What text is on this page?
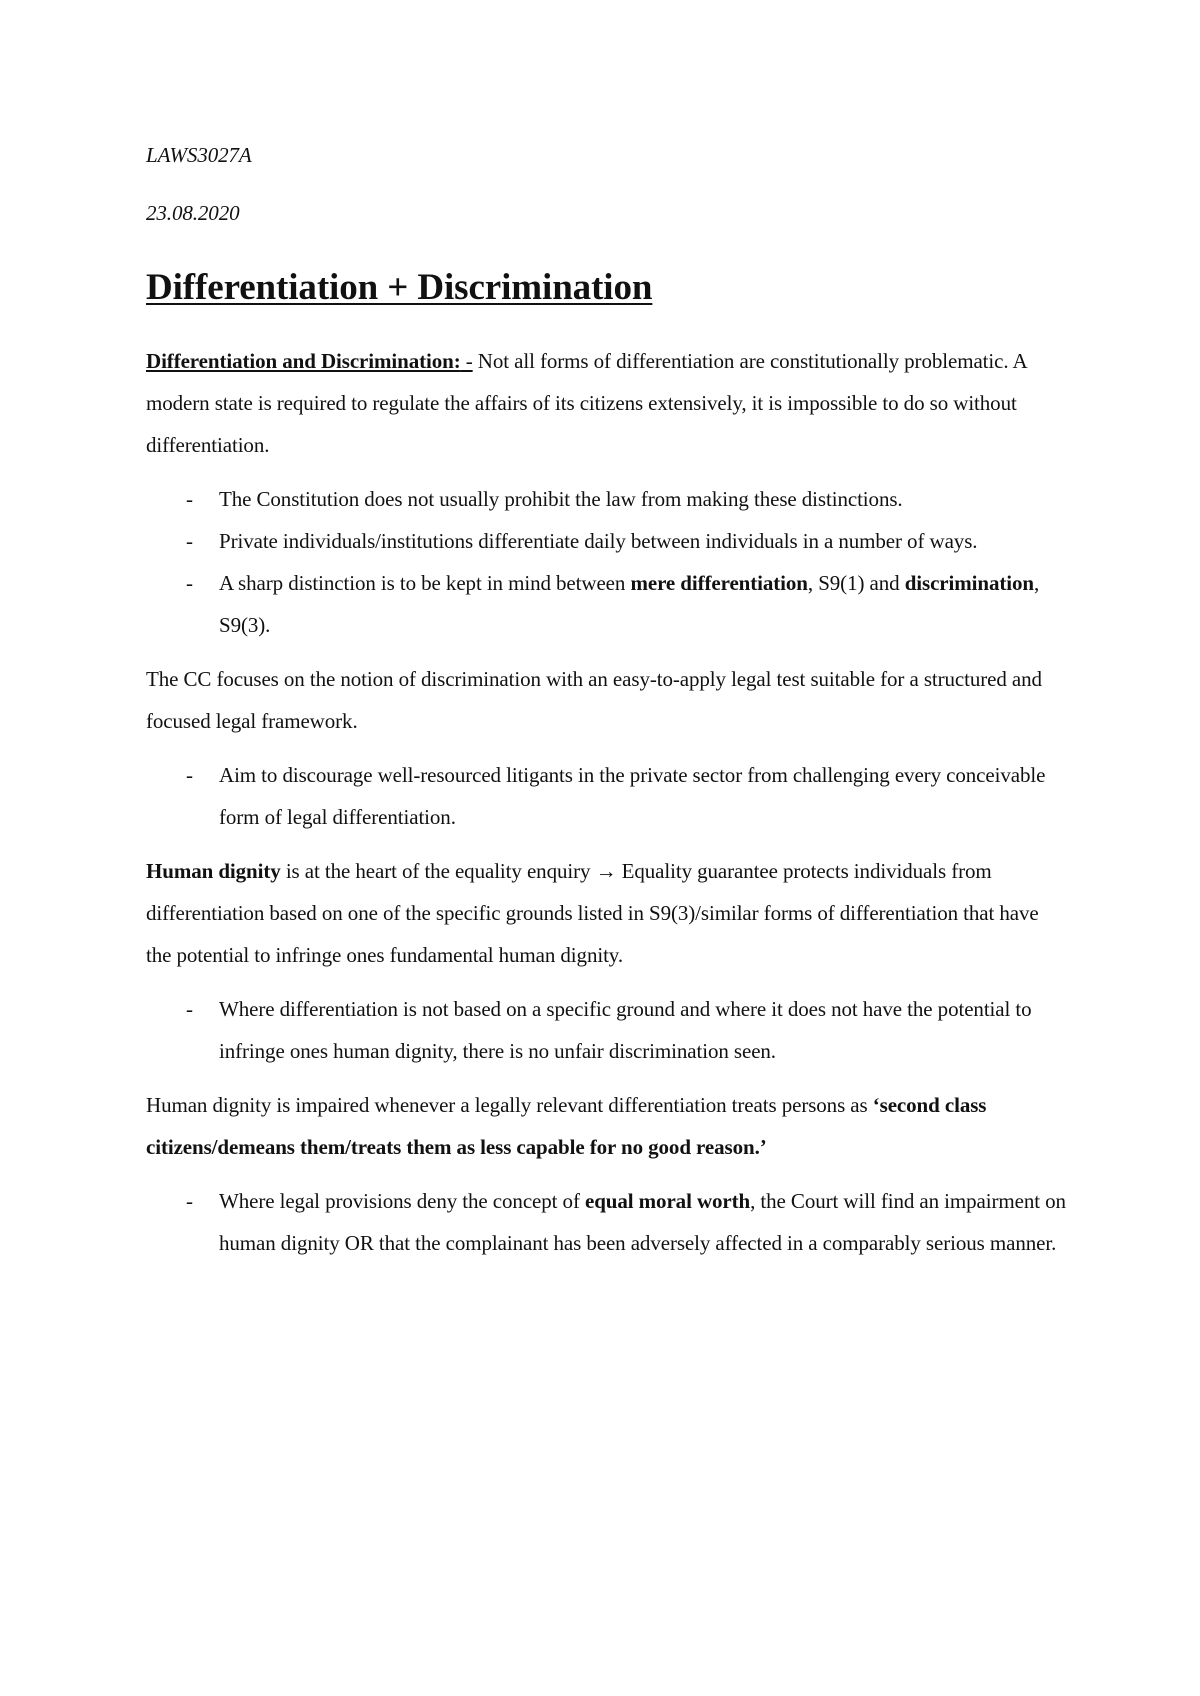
LAWS3027A

23.08.2020

Differentiation + Discrimination

Differentiation and Discrimination: - Not all forms of differentiation are constitutionally problematic. A modern state is required to regulate the affairs of its citizens extensively, it is impossible to do so without differentiation.

- The Constitution does not usually prohibit the law from making these distinctions.
- Private individuals/institutions differentiate daily between individuals in a number of ways.
- A sharp distinction is to be kept in mind between mere differentiation, S9(1) and discrimination, S9(3).

The CC focuses on the notion of discrimination with an easy-to-apply legal test suitable for a structured and focused legal framework.

- Aim to discourage well-resourced litigants in the private sector from challenging every conceivable form of legal differentiation.

Human dignity is at the heart of the equality enquiry → Equality guarantee protects individuals from differentiation based on one of the specific grounds listed in S9(3)/similar forms of differentiation that have the potential to infringe ones fundamental human dignity.

- Where differentiation is not based on a specific ground and where it does not have the potential to infringe ones human dignity, there is no unfair discrimination seen.

Human dignity is impaired whenever a legally relevant differentiation treats persons as ‘second class citizens/demeans them/treats them as less capable for no good reason.’

- Where legal provisions deny the concept of equal moral worth, the Court will find an impairment on human dignity OR that the complainant has been adversely affected in a comparably serious manner.
